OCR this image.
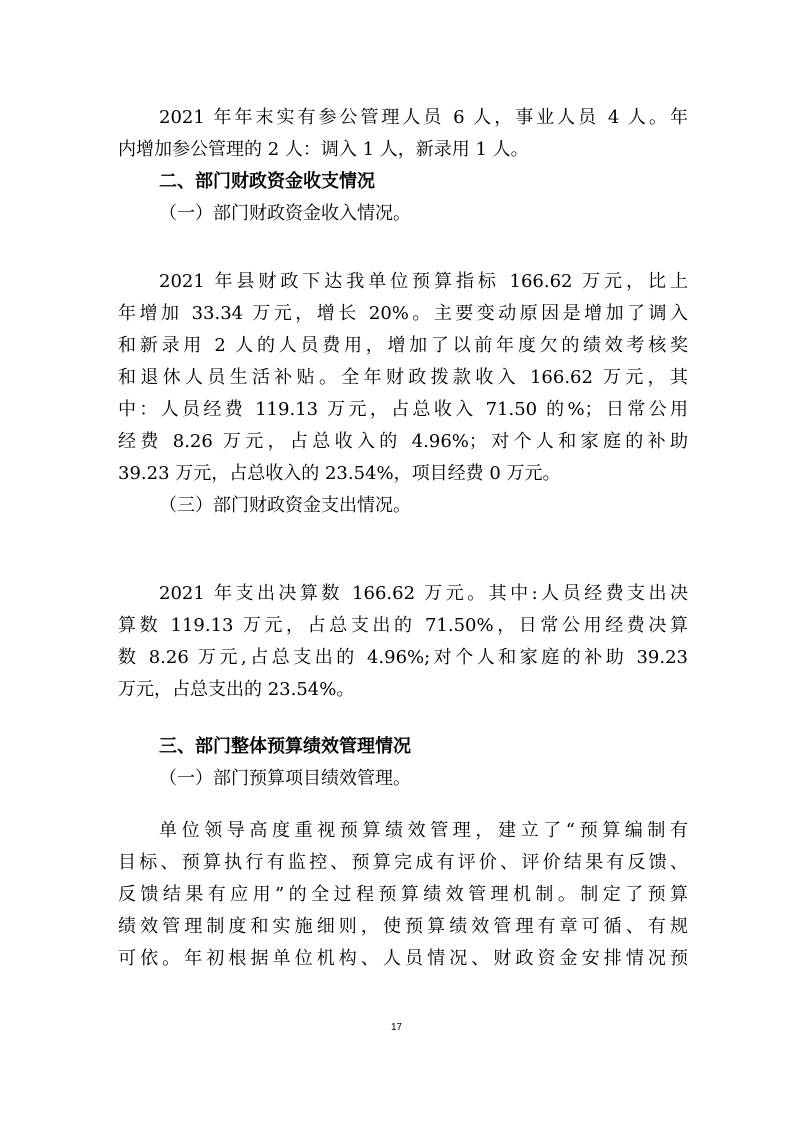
2021 年年末实有参公管理人员 6 人，事业人员 4 人。年
内增加参公管理的 2 人：调入 1 人，新录用 1 人。
二、部门财政资金收支情况
（一）部门财政资金收入情况。
2021 年县财政下达我单位预算指标 166.62 万元，比上
年增加 33.34 万元，增长 20%。主要变动原因是增加了调入
和新录用 2 人的人员费用，增加了以前年度欠的绩效考核奖
和退休人员生活补贴。全年财政拨款收入 166.62 万元，其
中：人员经费 119.13 万元，占总收入 71.50 的%；日常公用
经费 8.26 万元，占总收入的 4.96%；对个人和家庭的补助
39.23 万元，占总收入的 23.54%，项目经费 0 万元。
（三）部门财政资金支出情况。
2021 年支出决算数 166.62 万元。其中:人员经费支出决
算数 119.13 万元，占总支出的 71.50%，日常公用经费决算
数 8.26 万元,占总支出的 4.96%;对个人和家庭的补助 39.23
万元，占总支出的 23.54%。
三、部门整体预算绩效管理情况
（一）部门预算项目绩效管理。
单位领导高度重视预算绩效管理，建立了“预算编制有
目标、预算执行有监控、预算完成有评价、评价结果有反馈、
反馈结果有应用”的全过程预算绩效管理机制。制定了预算
绩效管理制度和实施细则，使预算绩效管理有章可循、有规
可依。年初根据单位机构、人员情况、财政资金安排情况预
17
